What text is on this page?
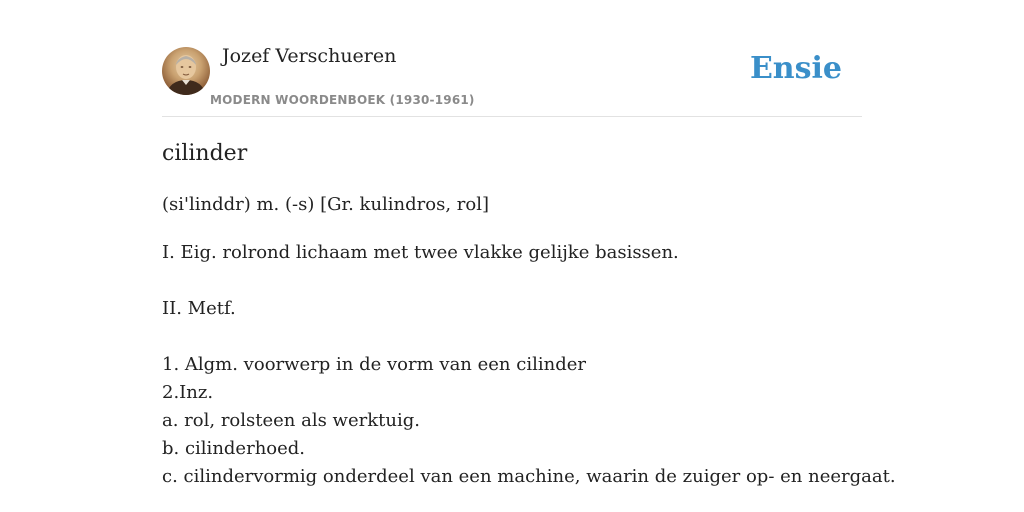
Jozef Verschueren
MODERN WOORDENBOEK (1930-1961)
Ensie
cilinder
(si'linddr) m. (-s) [Gr. kulindros, rol]
I. Eig. rolrond lichaam met twee vlakke gelijke basissen.
II. Metf.
1. Algm. voorwerp in de vorm van een cilinder
2.Inz.
a. rol, rolsteen als werktuig.
b. cilinderhoed.
c. cilindervormig onderdeel van een machine, waarin de zuiger op- en neergaat.
